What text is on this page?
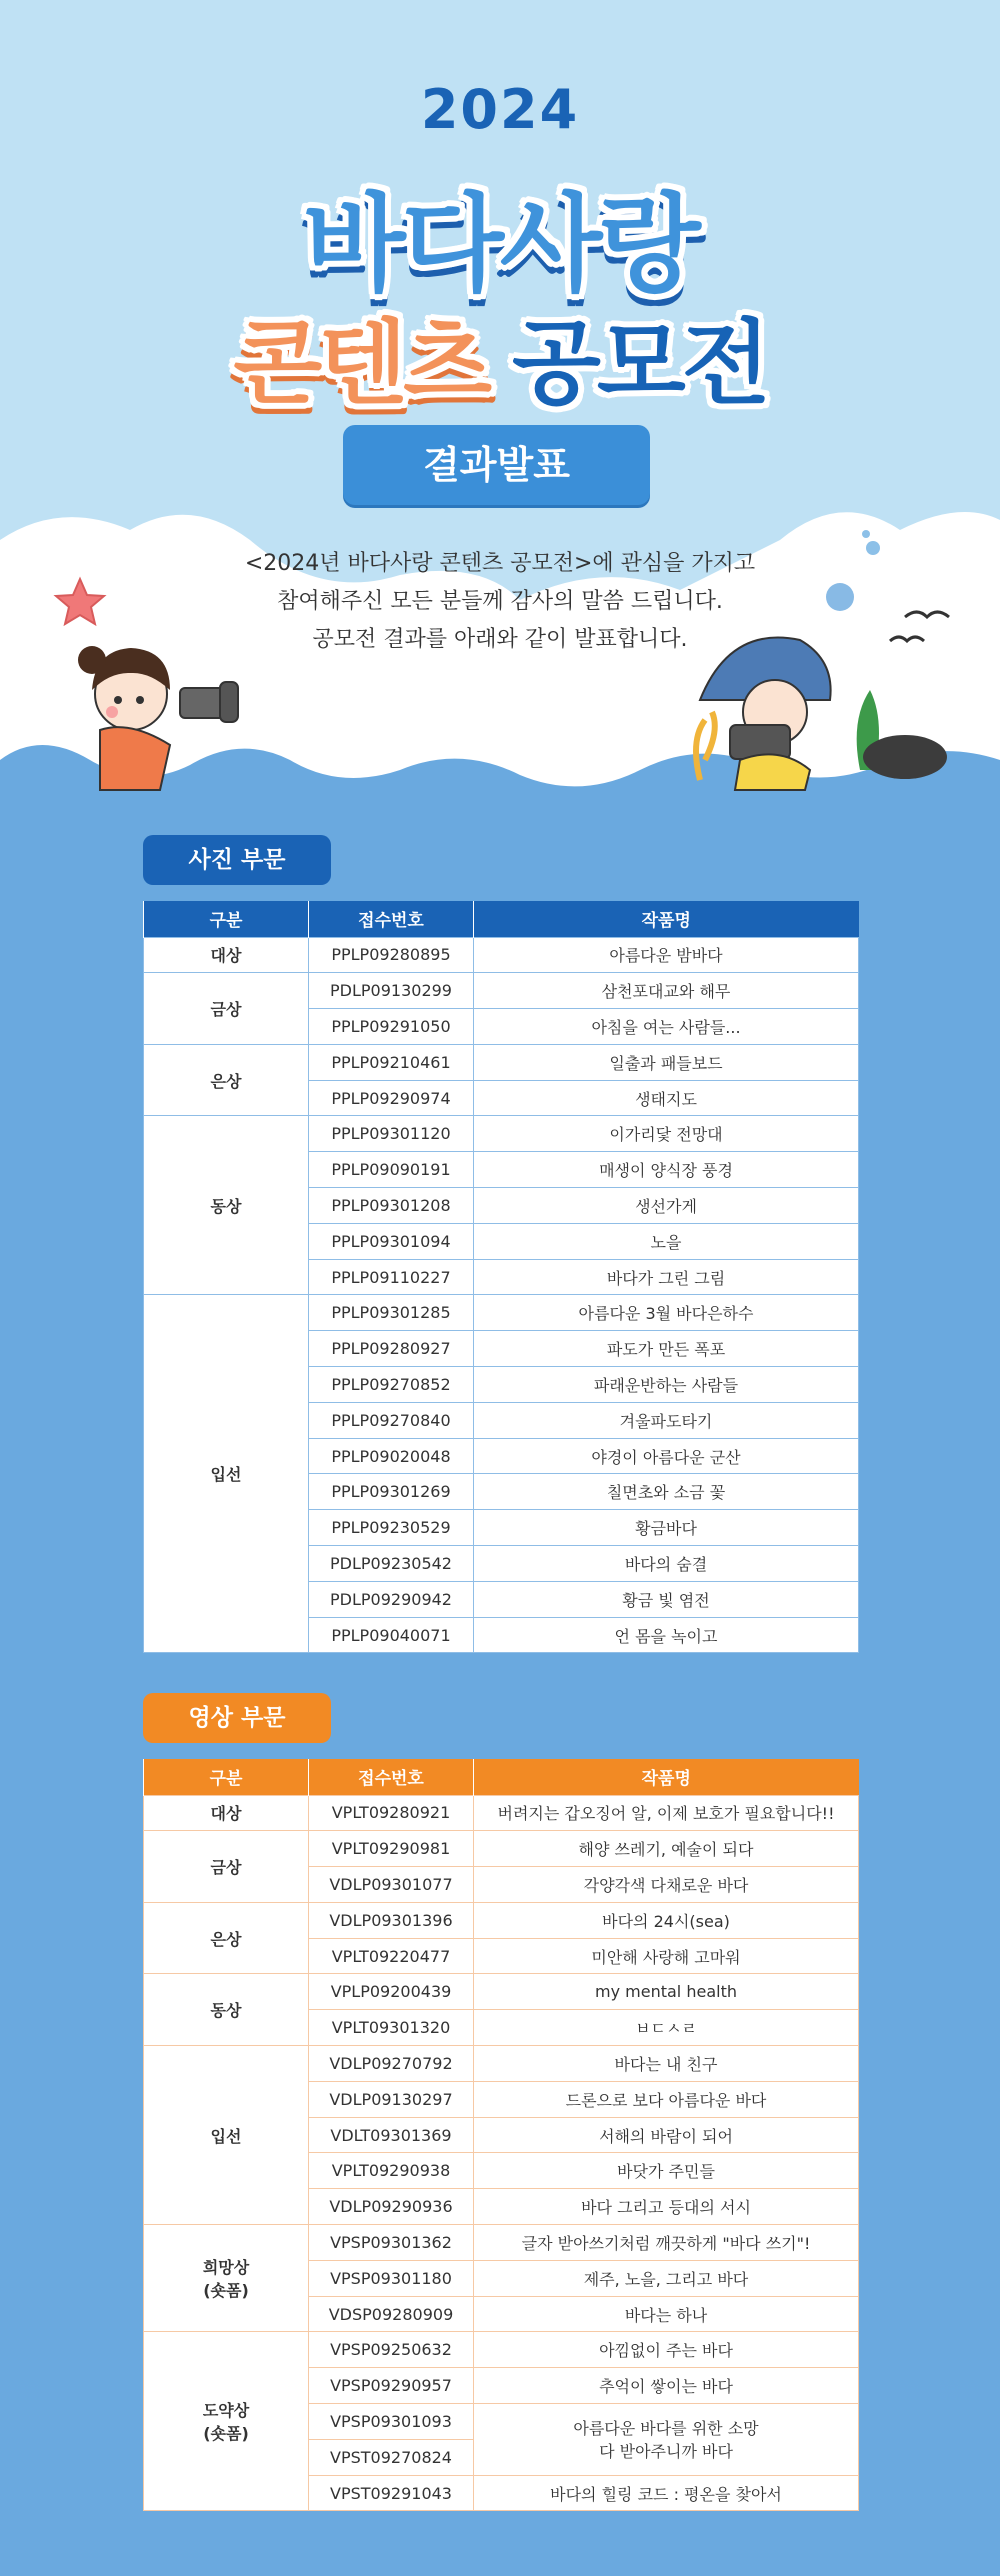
2024
바다사랑
콘텐츠 공모전
결과발표

<2024년 바다사랑 콘텐츠 공모전>에 관심을 가지고

참여해주신 모든 분들께 감사의 말씀 드립니다.

공모전 결과를 아래와 같이 발표합니다.

사진 부문
구분	접수번호	작품명
대상	PPLP09280895	아름다운 밤바다
금상	PDLP09130299	삼천포대교와 해무
	PPLP09291050	아침을 여는 사람들...
은상	PPLP09210461	일출과 패들보드
	PPLP09290974	생태지도
동상	PPLP09301120	이가리닻 전망대
	PPLP09090191	매생이 양식장 풍경
	PPLP09301208	생선가게
	PPLP09301094	노을
	PPLP09110227	바다가 그린 그림
입선	PPLP09301285	아름다운 3월 바다은하수
	PPLP09280927	파도가 만든 폭포
	PPLP09270852	파래운반하는 사람들
	PPLP09270840	겨울파도타기
	PPLP09020048	야경이 아름다운 군산
	PPLP09301269	칠면초와 소금 꽃
	PPLP09230529	황금바다
	PDLP09230542	바다의 숨결
	PDLP09290942	황금 빛 염전
	PPLP09040071	언 몸을 녹이고
영상 부문
구분	접수번호	작품명
대상	VPLT09280921	버려지는 갑오징어 알, 이제 보호가 필요합니다!!
금상	VPLT09290981	해양 쓰레기, 예술이 되다
	VDLP09301077	각양각색 다채로운 바다
은상	VDLP09301396	바다의 24시(sea)
	VPLT09220477	미안해 사랑해 고마워
동상	VPLP09200439	my mental health
	VPLT09301320	ㅂㄷㅅㄹ
입선	VDLP09270792	바다는 내 친구
	VDLP09130297	드론으로 보다 아름다운 바다
	VDLT09301369	서해의 바람이 되어
	VPLT09290938	바닷가 주민들
	VDLP09290936	바다 그리고 등대의 서시
희망상
(숏폼)	VPSP09301362	글자 받아쓰기처럼 깨끗하게 "바다 쓰기"!
	VPSP09301180	제주, 노을, 그리고 바다
	VDSP09280909	바다는 하나
도약상
(숏폼)	VPSP09250632	아낌없이 주는 바다
	VPSP09290957	추억이 쌓이는 바다
	VPSP09301093	아름다운 바다를 위한 소망
다 받아주니까 바다

	VPST09270824	
	VPST09291043	바다의 힐링 코드 : 평온을 찾아서
